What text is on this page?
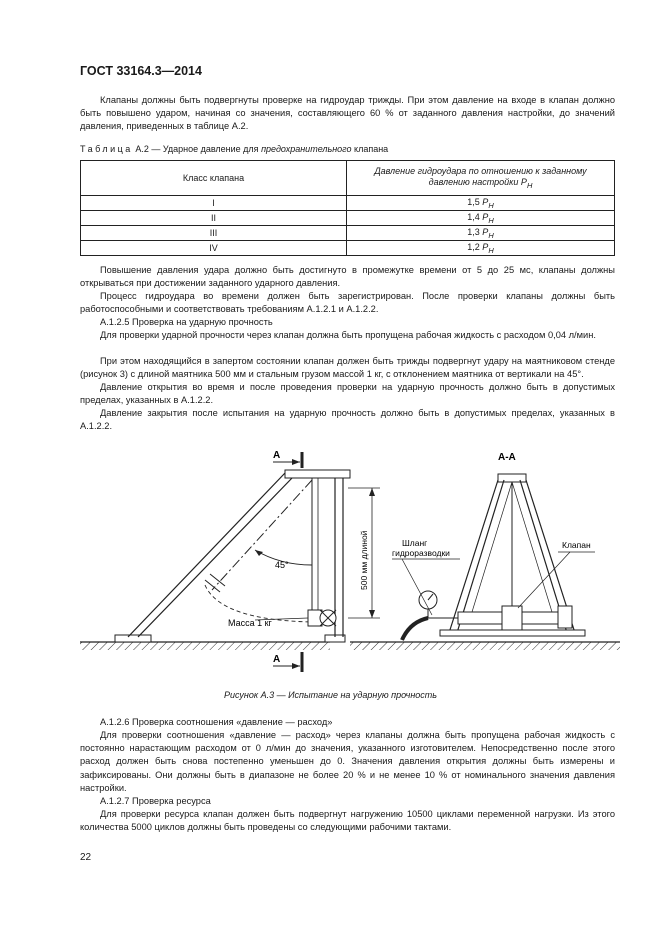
ГОСТ 33164.3—2014

Клапаны должны быть подвергнуты проверке на гидроудар трижды. При этом давление на входе в клапан должно быть повышено ударом, начиная со значения, составляющего 60 % от заданного давления настройки, до значений давления, приведенных в таблице А.2.

Таблица А.2 — Ударное давление для предохранительного клапана
Класс клапана	Давление гидроудара по отношению к заданному давлению настройки $P_H$
I	1,5 $P_H$
II	1,4 $P_H$
III	1,3 $P_H$
IV	1,2 $P_H$

Повышение давления удара должно быть достигнуто в промежутке времени от 5 до 25 мс, клапаны должны открываться при достижении заданного ударного давления.

Процесс гидроудара во времени должен быть зарегистрирован. После проверки клапаны должны быть работоспособными и соответствовать требованиям А.1.2.1 и А.1.2.2.

А.1.2.5 Проверка на ударную прочность

Для проверки ударной прочности через клапан должна быть пропущена рабочая жидкость с расходом 0,04 л/мин.

При этом находящийся в запертом состоянии клапан должен быть трижды подвергнут удару на маятниковом стенде (рисунок 3) с длиной маятника 500 мм и стальным грузом массой 1 кг, с отклонением маятника от вертикали на 45°.

Давление открытия во время и после проведения проверки на ударную прочность должно быть в допустимых пределах, указанных в А.1.2.2.

Давление закрытия после испытания на ударную прочность должно быть в допустимых пределах, указанных в А.1.2.2.

45°
Масса 1 кг
А
А
500 мм длиной
А-А
Шланг
гидроразводки
Клапан
Рисунок А.3 — Испытание на ударную прочность

А.1.2.6 Проверка соотношения «давление — расход»

Для проверки соотношения «давление — расход» через клапаны должна быть пропущена рабочая жидкость с постоянно нарастающим расходом от 0 л/мин до значения, указанного изготовителем. Непосредственно после этого расход должен быть снова постепенно уменьшен до 0. Значения давления открытия должны быть измерены и зафиксированы. Они должны быть в диапазоне не более 20 % и не менее 10 % от номинального значения давления настройки.

А.1.2.7 Проверка ресурса

Для проверки ресурса клапан должен быть подвергнут нагружению 10500 циклами переменной нагрузки. Из этого количества 5000 циклов должны быть проведены со следующими рабочими тактами.

22
